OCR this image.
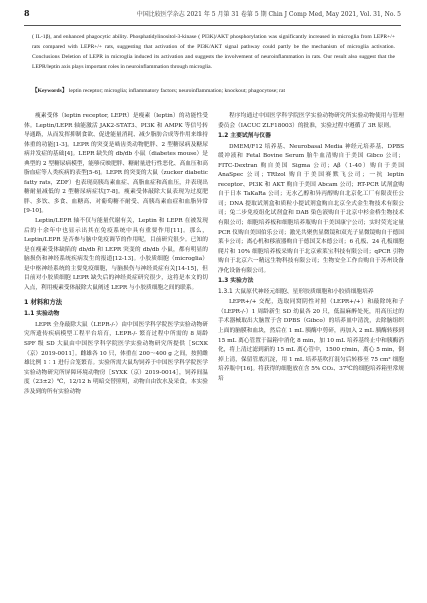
8	中国比较医学杂志 2021 年 5 月第 31 卷第 5 期 Chin J Comp Med, May 2021, Vol. 31, No. 5
( IL-1β), and enhanced phagocytic ability. Phosphatidylinositol-3-kinase ( PI3K)/AKT phosphorylation was significantly increased in microglia from LEPR+/+ rats compared with LEPR+/+ rats, suggesting that activation of the PI3K/AKT signal pathway could partly be the mechanism of microglia activation. Conclusions Deletion of LEPR in microglia induced its activation and suggests the involvement of neuroinflammation in rats. Our result also suggest that the LEPR/leptin axis plays important roles in neuroinflammation through microglia.
【Keywords】 leptin receptor; microglia; inflammatory factors; neuroinflammation; knockout; phagocytose; rat

瘦素受体（leptin receptor, LEPR）是瘦素（leptin）的功能性受体。Leptin/LEPR 轴能激活 JAK2-STAT3、PI3K 和 AMPK 等信号转导通路，从而发挥抑制食欲、促进能量消耗、减少脂肪合成等作用来维持体重的功能[1-3]。LEPR 的突变是啮齿类动物肥胖、2 型糖尿病及糖尿病并发症的基础[4]。LEPR 缺失的 db/db 小鼠（diabetes mouse）是典型的 2 型糖尿病模型，能够反映肥胖、糖耐量进行性恶化、高血压和高脂血症等人类疾病的表型[5-6]。LEPR 的突变的大鼠（zucker diabetic fatty rats，ZDF）也表现高胰岛素血症、高脂血症和高血压，并表现出糖耐量减低的 2 型糖尿病症状[7-8]。瘦素受体敲除大鼠表现为过度肥胖、多饮、多食、血糖高、对葡萄糖不耐受、高胰岛素血症和血脂异常[9-10]。

Leptin/LEPR 轴不仅与能量代谢有关，Leptin 和 LEPR 在被发现后的十余年中也显示出其在免疫系统中具有重要作用[11]。那么，Leptin/LEPR 是否参与脑中免疫调节的作用呢，目前研究很少。已知的是在瘦素受体缺陷的 db/db 和 LEPR 突变的 db/db 小鼠，都有明显的脑损伤和神经系统疾病发生的报道[12-13]。小胶质细胞（microglia）是中枢神经系统的主要免疫细胞，与脑损伤与神经炎症有关[14-15]，但目前对小胶质细胞 LEPR 缺失后的神经炎症研究很少，这将是本文的切入点，利用瘦素受体敲除大鼠阐述 LEPR 与小胶质细胞之间的联系。

1 材料和方法
1.1 实验动物

LEPR 全身敲除大鼠（LEPR-/-）由中国医学科学院医学实验动物研究所遗传疾病模型工程平台培育，LEPR-/- 繁育过程中所需的 8 周龄 SPF 级 SD 大鼠由中国医学科学院医学实验动物研究所提供［SCXK（京）2019-0011］。雌雄各 10 只，体重在 200～400 g 之间，按照雌雄比例 1∶1 进行合笼繁育。实验所需大鼠均饲养于中国医学科学院医学实验动物研究所屏障环境动物房［SYXK（京）2019-0014］，饲养间温度（23±2）℃，12/12 h 明暗交替照明，动物自由饮水及采食。本实验涉及到的所有实验动物

程序均通过中国医学科学院医学实验动物研究所实验动物使用与管理委员会（IACUC ZLF18003）的批准，实验过程中遵循了 3R 原则。

1.2 主要试剂与仪器

DMEM/F12 培养基、Neurobasal Media 神经元培养基、DPBS 缓冲液和 Fetal Bovine Serum 胎牛血清购自于美国 Gibco 公司；FITC-Dextran 购自美国 Sigma 公司；Aβ（1-40）购自于美国 AnaSpec 公司；TRIzol 购自于美国赛默飞公司；一抗 leptin receptor、PI3K 和 AKT 购自于美国 Abcam 公司；RT-PCR 试剂盒购自于日本 TaKaRa 公司；无水乙醇和异丙醇购自北京化工厂有限责任公司；DNA 提取试剂盒和质粒小提试剂盒购自北京全式金生物技术有限公司；兔二步免疫组化试剂盒和 DAB 染色液购自于北京中杉金桥生物技术有限公司；细胞培养板和细胞培养瓶购自于美国康宁公司；实时荧光定量 PCR 仪购自美国伯乐公司；激光共聚焦显微镜和双光子显微镜购自于德国莱卡公司；离心机和移液器购自于德国艾本德公司；6 孔板、24 孔板细胞爬片和 10% 细胞培养板采购自于北京索莱宝科技有限公司；qPCR 引物购自于北京六一精远生物科技有限公司；生物安全工作台购自于苏州设备净化设备有限公司。

1.3 实验方法
1.3.1 大鼠原代神经元细胞、星形胶质细胞和小胶质细胞培养

LEPR+/+ 交配，选取同窝阴性对照（LEPR+/+）和敲除纯和子（LEPR-/-）1 周龄新生 SD 幼鼠各 20 只，低温麻醉处死，用高压过的手术器械取出大脑置于含 DPBS（Gibco）的培养皿中清洗，去除脑组织上面的脑膜和血块，然后在 1 mL 胰酶中剪碎，再加入 2 mL 胰酶转移到 15 mL 离心管置于温箱中消化 8 min，加 10 mL 培养基终止中和胰酶消化，将上清过滤到新的 15 mL 离心管中，1500 r/min，离心 5 min，倒掉上清，保留管底沉淀，用 1 mL 培养基吹打混匀后转移至 75 cm² 细胞培养瓶中[16]。将获得的细胞放在含 5% CO₂、37℃的细胞培养箱里常规培
